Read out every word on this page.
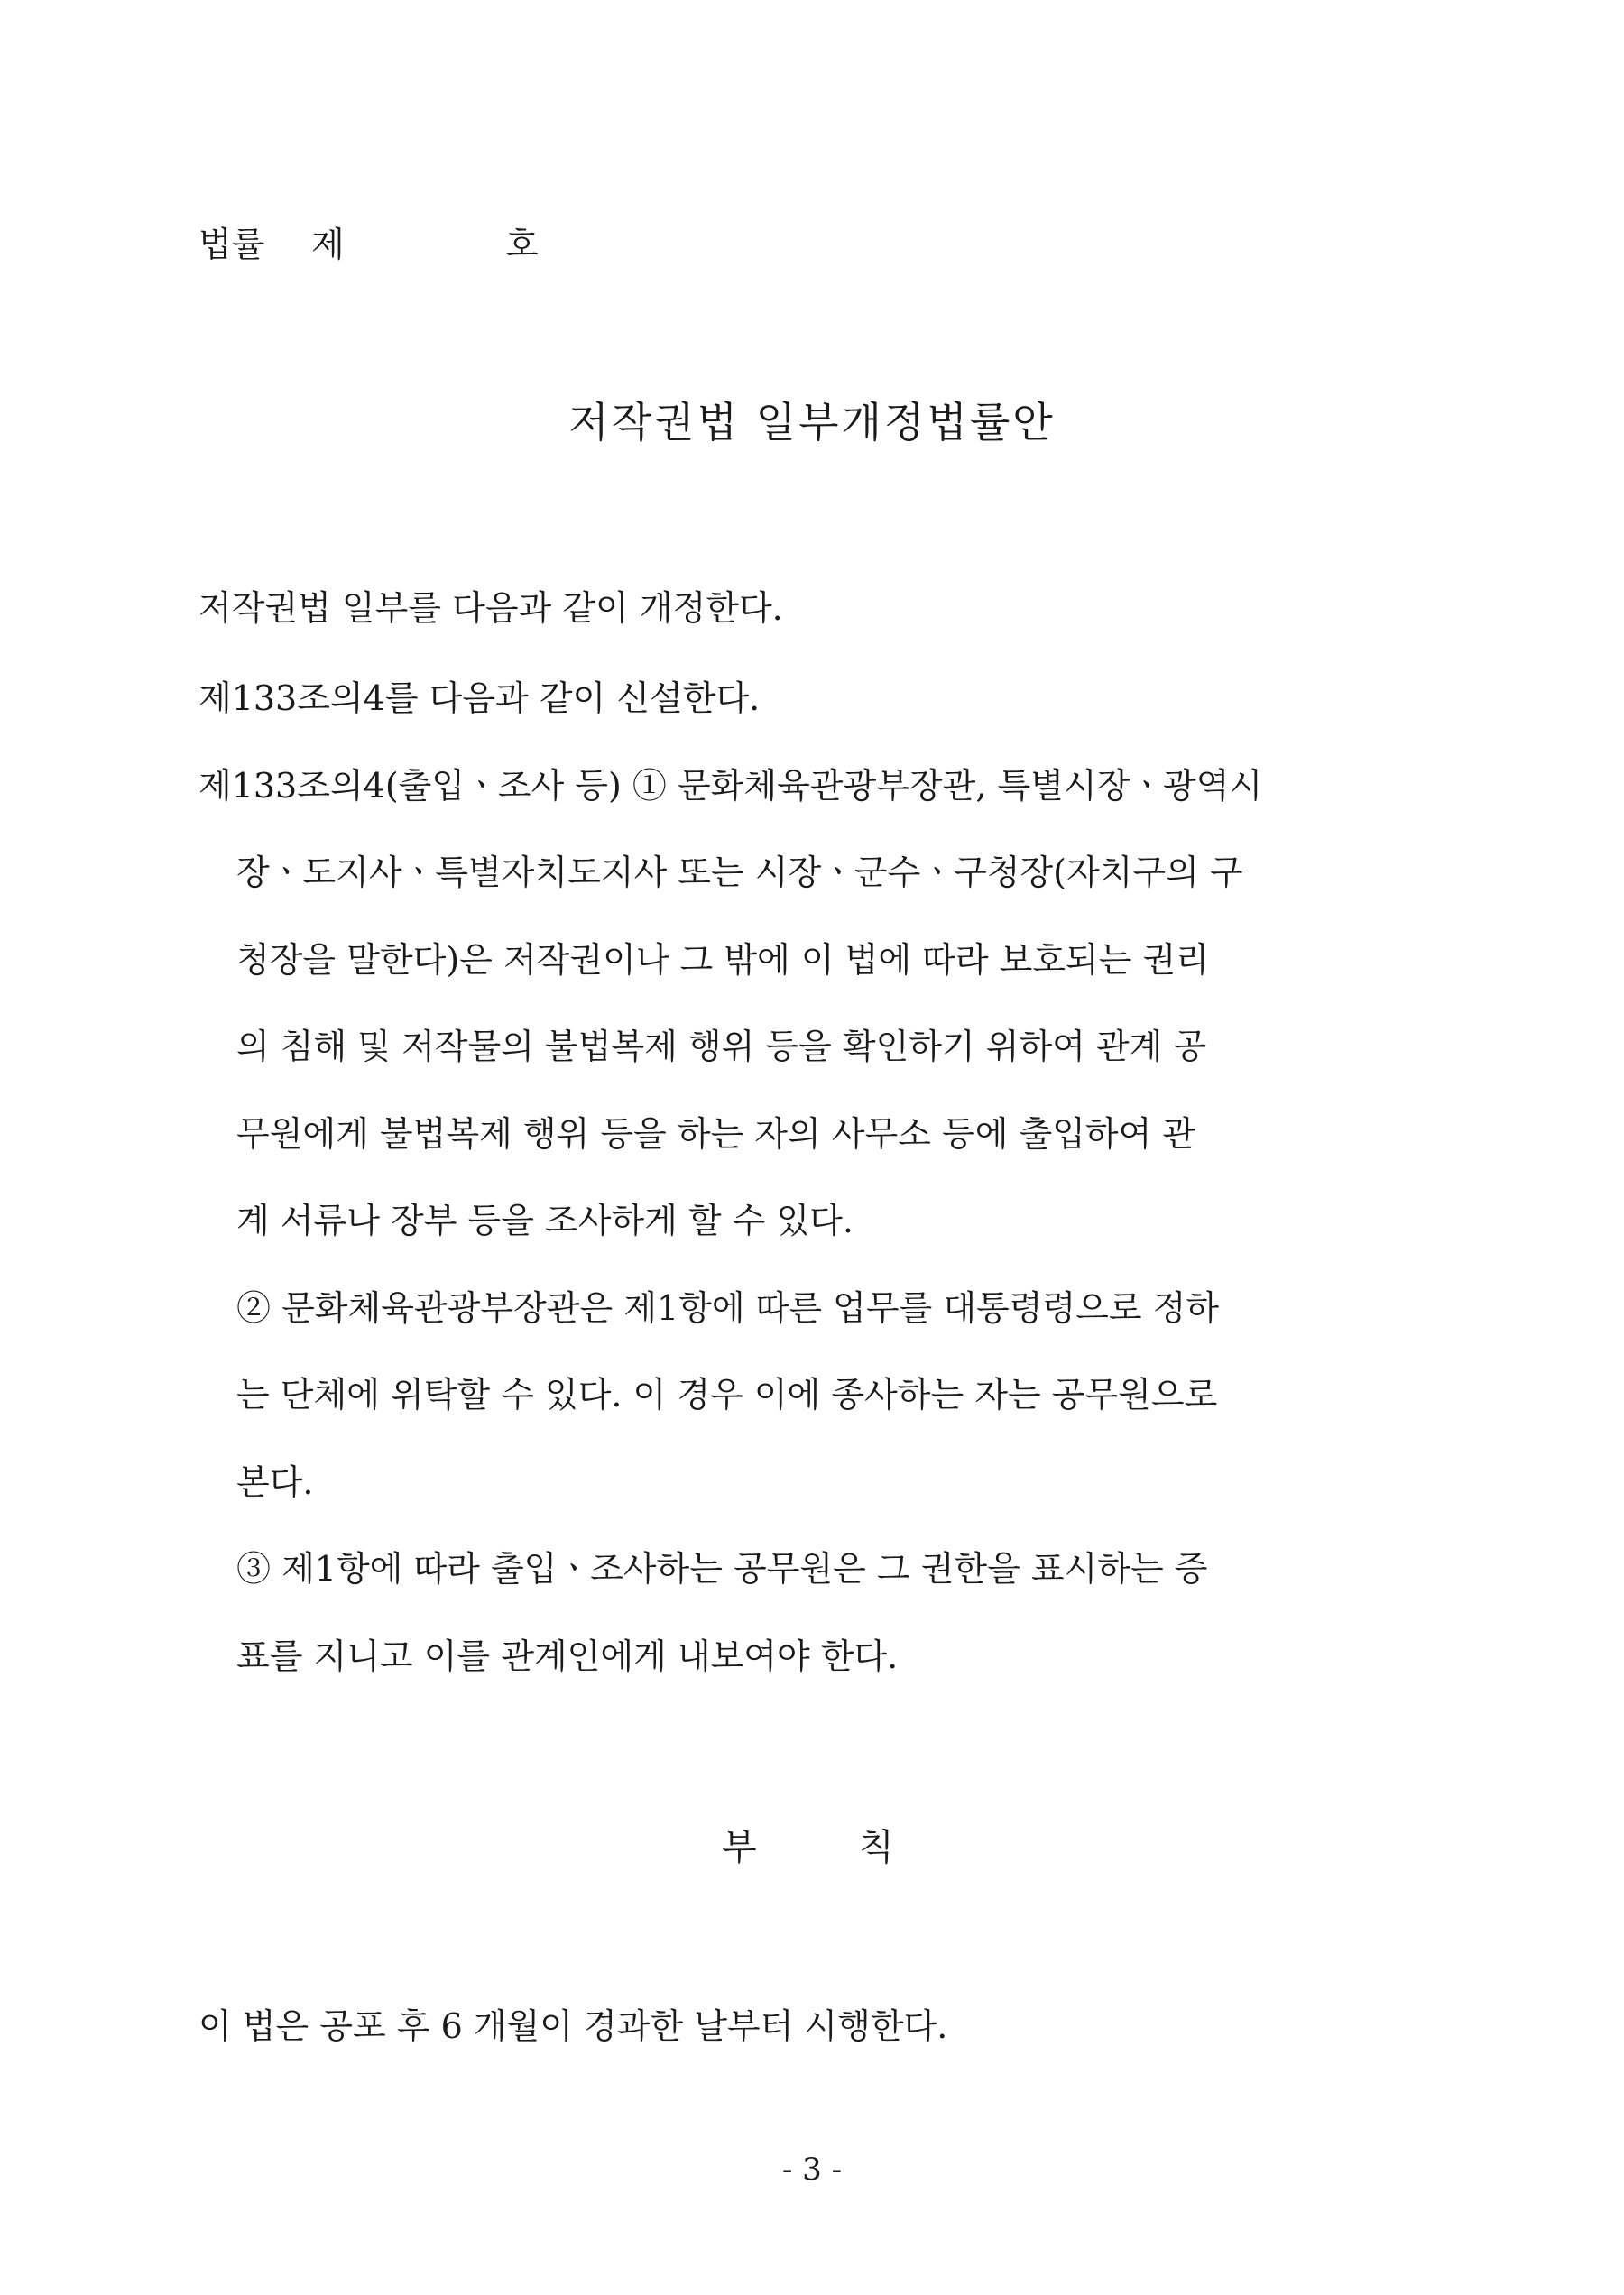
법률 제	호
저작권법 일부개정법률안
저작권법 일부를 다음과 같이 개정한다.
제133조의4를 다음과 같이 신설한다.
제133조의4(출입ㆍ조사 등) ① 문화체육관광부장관, 특별시장ㆍ광역시
장ㆍ도지사ㆍ특별자치도지사 또는 시장ㆍ군수ㆍ구청장(자치구의 구
청장을 말한다)은 저작권이나 그 밖에 이 법에 따라 보호되는 권리
의 침해 및 저작물의 불법복제 행위 등을 확인하기 위하여 관계 공
무원에게 불법복제 행위 등을 하는 자의 사무소 등에 출입하여 관
계 서류나 장부 등을 조사하게 할 수 있다.
② 문화체육관광부장관은 제1항에 따른 업무를 대통령령으로 정하
는 단체에 위탁할 수 있다. 이 경우 이에 종사하는 자는 공무원으로
본다.
③ 제1항에 따라 출입ㆍ조사하는 공무원은 그 권한을 표시하는 증
표를 지니고 이를 관계인에게 내보여야 한다.
부	칙
이 법은 공포 후 6 개월이 경과한 날부터 시행한다.
- 3 -
